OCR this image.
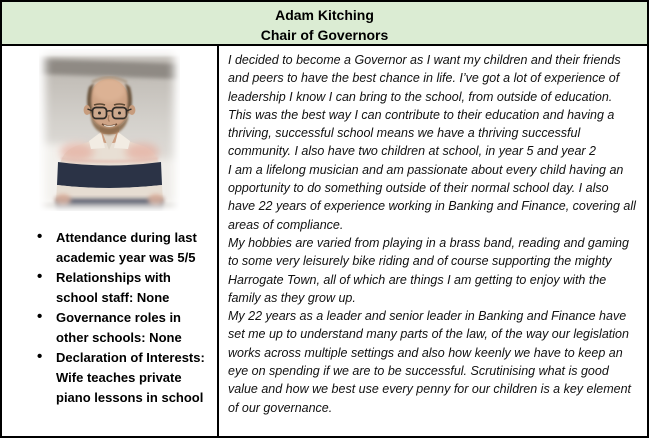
Adam Kitching
Chair of Governors
• Attendance during last academic year was 5/5
• Relationships with school staff: None
• Governance roles in other schools: None
• Declaration of Interests: Wife teaches private piano lessons in school

I decided to become a Governor as I want my children and their friends and peers to have the best chance in life. I’ve got a lot of experience of leadership I know I can bring to the school, from outside of education. This was the best way I can contribute to their education and having a thriving, successful school means we have a thriving successful community. I also have two children at school, in year 5 and year 2

I am a lifelong musician and am passionate about every child having an opportunity to do something outside of their normal school day. I also have 22 years of experience working in Banking and Finance, covering all areas of compliance.

My hobbies are varied from playing in a brass band, reading and gaming to some very leisurely bike riding and of course supporting the mighty Harrogate Town, all of which are things I am getting to enjoy with the family as they grow up.

My 22 years as a leader and senior leader in Banking and Finance have set me up to understand many parts of the law, of the way our legislation works across multiple settings and also how keenly we have to keep an eye on spending if we are to be successful. Scrutinising what is good value and how we best use every penny for our children is a key element of our governance.
